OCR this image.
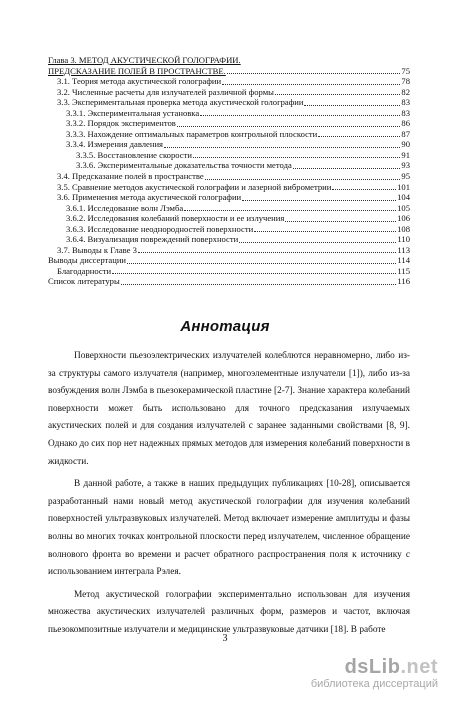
Глава 3. МЕТОД АКУСТИЧЕСКОЙ ГОЛОГРАФИИ.
ПРЕДСКАЗАНИЕ ПОЛЕЙ В ПРОСТРАНСТВЕ.	75
3.1. Теория метода акустической голографии	78
3.2. Численные расчеты для излучателей различной формы	82
3.3. Экспериментальная проверка метода акустической голографии	83
3.3.1. Экспериментальная установка	83
3.3.2. Порядок экспериментов	86
3.3.3. Нахождение оптимальных параметров контрольной плоскости	87
3.3.4. Измерения давления	90
3.3.5. Восстановление скорости	91
3.3.6. Экспериментальные доказательства точности метода	93
3.4. Предсказание полей в пространстве	95
3.5. Сравнение методов акустической голографии и лазерной виброметрии	101
3.6. Применения метода акустической голографии	104
3.6.1. Исследование волн Лэмба	105
3.6.2. Исследования колебаний поверхности и ее излучения	106
3.6.3. Исследование неоднородностей поверхности	108
3.6.4. Визуализация повреждений поверхности	110
3.7. Выводы к Главе 3	113
Выводы диссертации	114
Благодарности	115
Список литературы	116
Аннотация

Поверхности пьезоэлектрических излучателей колеблются неравномерно, либо из-за структуры самого излучателя (например, многоэлементные излучатели [1]), либо из-за возбуждения волн Лэмба в пьезокерамической пластине [2-7]. Знание характера колебаний поверхности может быть использовано для точного предсказания излучаемых акустических полей и для создания излучателей с заранее заданными свойствами [8, 9]. Однако до сих пор нет надежных прямых методов для измерения колебаний поверхности в жидкости.

В данной работе, а также в наших предыдущих публикациях [10-28], описывается разработанный нами новый метод акустической голографии для изучения колебаний поверхностей ультразвуковых излучателей. Метод включает измерение амплитуды и фазы волны во многих точках контрольной плоскости перед излучателем, численное обращение волнового фронта во времени и расчет обратного распространения поля к источнику с использованием интеграла Рэлея.

Метод акустической голографии экспериментально использован для изучения множества акустических излучателей различных форм, размеров и частот, включая пьезокомпозитные излучатели и медицинские ультразвуковые датчики [18]. В работе

3
dsLib.net
библиотека диссертаций
